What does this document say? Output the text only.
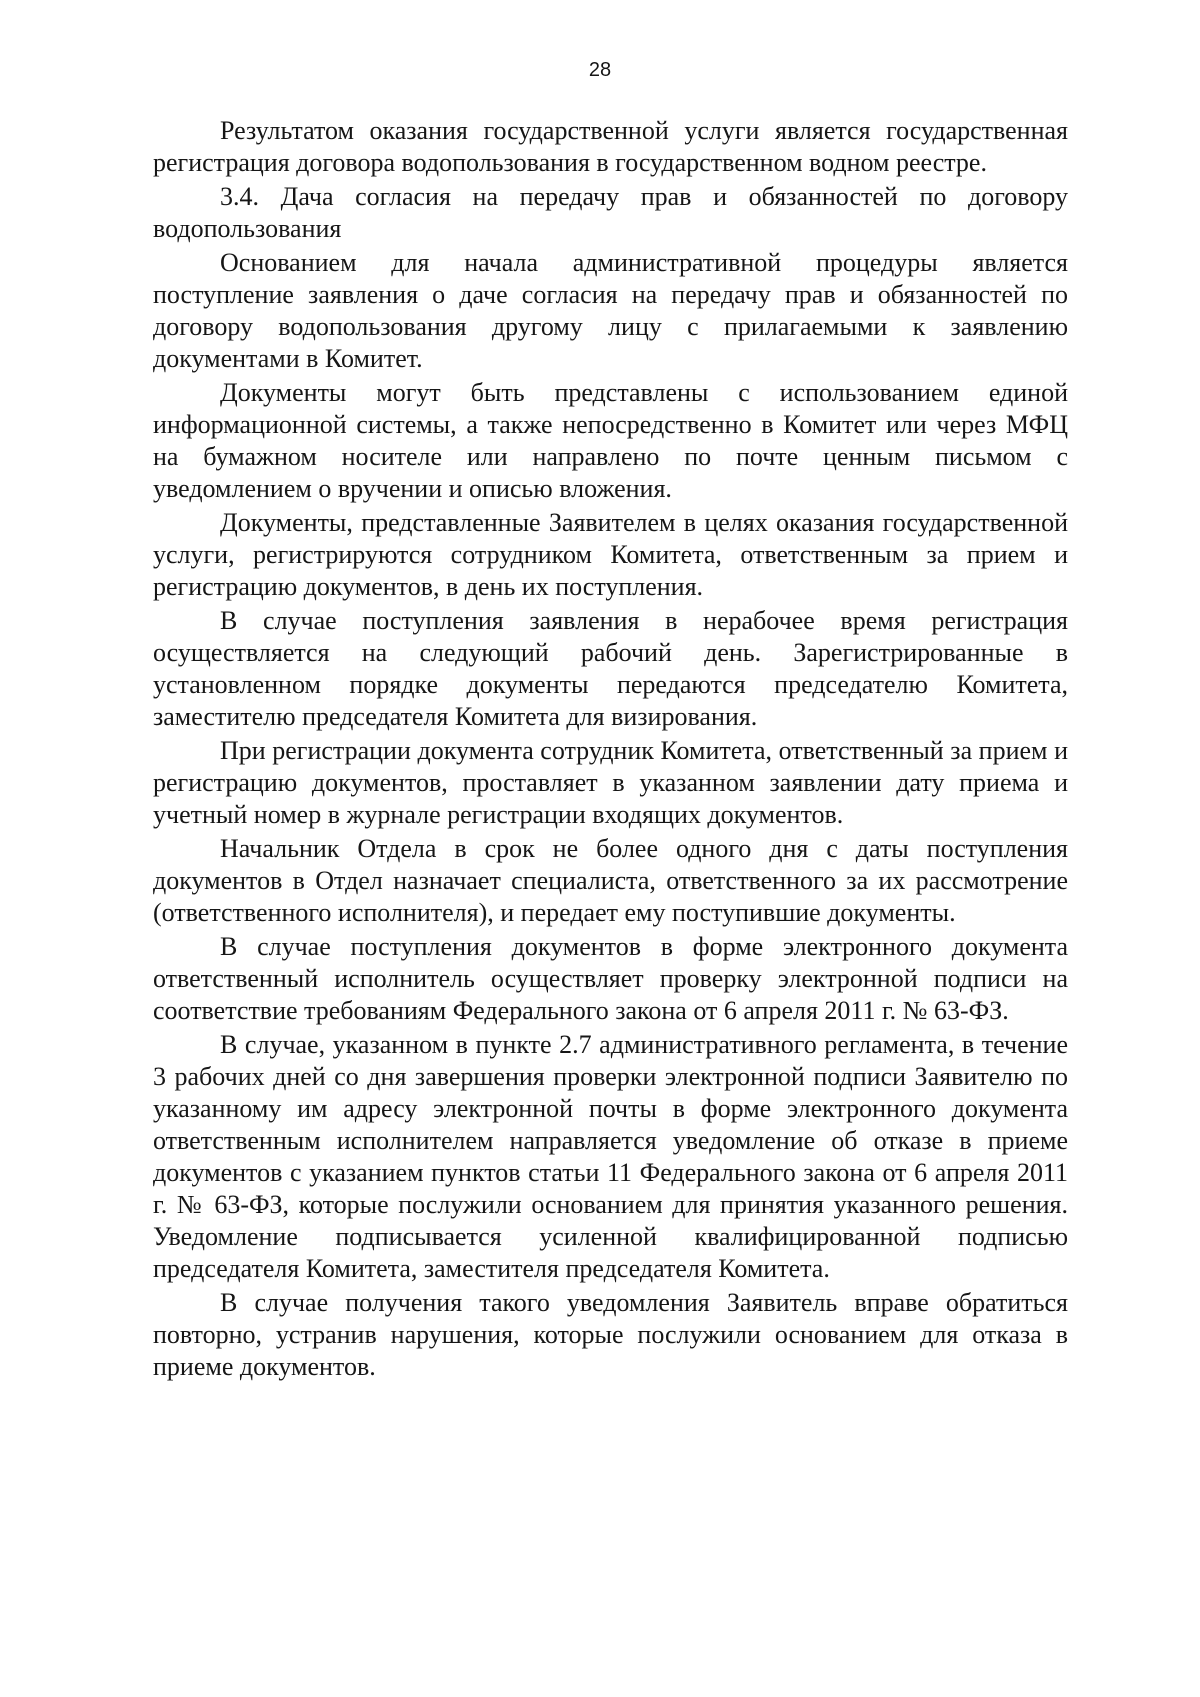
28

Результатом оказания государственной услуги является государственная регистрация договора водопользования в государственном водном реестре.

3.4. Дача согласия на передачу прав и обязанностей по договору водопользования

Основанием для начала административной процедуры является поступление заявления о даче согласия на передачу прав и обязанностей по договору водопользования другому лицу с прилагаемыми к заявлению документами в Комитет.

Документы могут быть представлены с использованием единой информационной системы, а также непосредственно в Комитет или через МФЦ на бумажном носителе или направлено по почте ценным письмом с уведомлением о вручении и описью вложения.

Документы, представленные Заявителем в целях оказания государственной услуги, регистрируются сотрудником Комитета, ответственным за прием и регистрацию документов, в день их поступления.

В случае поступления заявления в нерабочее время регистрация осуществляется на следующий рабочий день. Зарегистрированные в установленном порядке документы передаются председателю Комитета, заместителю председателя Комитета для визирования.

При регистрации документа сотрудник Комитета, ответственный за прием и регистрацию документов, проставляет в указанном заявлении дату приема и учетный номер в журнале регистрации входящих документов.

Начальник Отдела в срок не более одного дня с даты поступления документов в Отдел назначает специалиста, ответственного за их рассмотрение (ответственного исполнителя), и передает ему поступившие документы.

В случае поступления документов в форме электронного документа ответственный исполнитель осуществляет проверку электронной подписи на соответствие требованиям Федерального закона от 6 апреля 2011 г. № 63-ФЗ.

В случае, указанном в пункте 2.7 административного регламента, в течение 3 рабочих дней со дня завершения проверки электронной подписи Заявителю по указанному им адресу электронной почты в форме электронного документа ответственным исполнителем направляется уведомление об отказе в приеме документов с указанием пунктов статьи 11 Федерального закона от 6 апреля 2011 г. № 63-ФЗ, которые послужили основанием для принятия указанного решения. Уведомление подписывается усиленной квалифицированной подписью председателя Комитета, заместителя председателя Комитета.

В случае получения такого уведомления Заявитель вправе обратиться повторно, устранив нарушения, которые послужили основанием для отказа в приеме документов.
